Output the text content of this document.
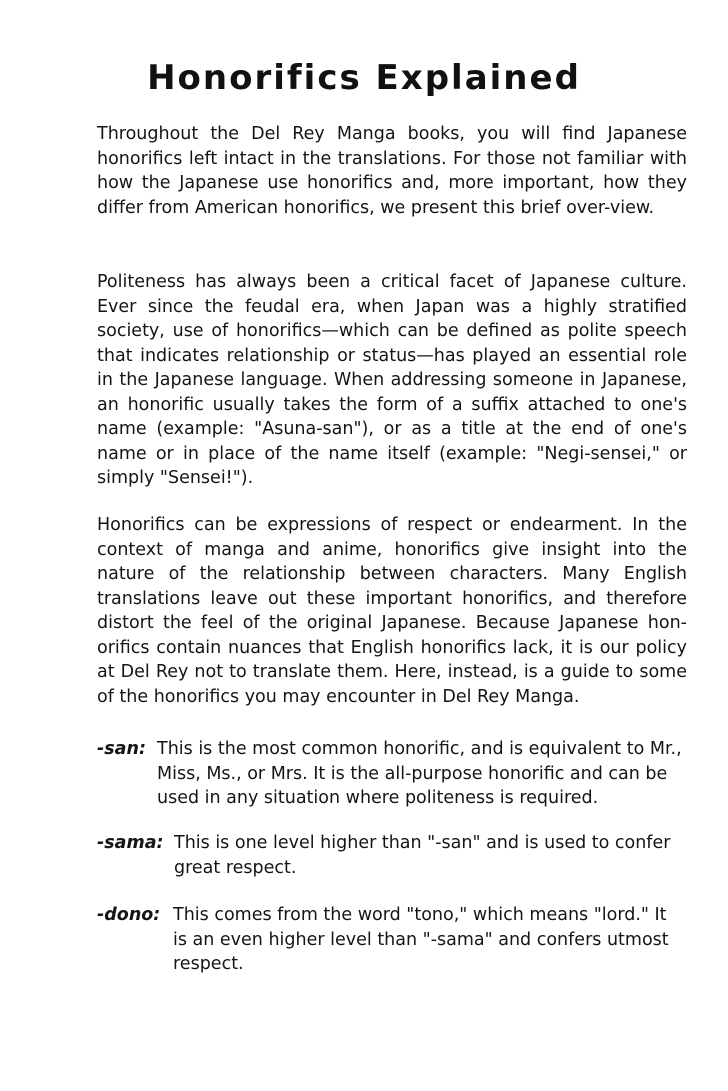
Honorifics Explained

Throughout the Del Rey Manga books, you will find Japanese honorifics left intact in the translations. For those not familiar with how the Japanese use honorifics and, more important, how they differ from American honorifics, we present this brief over-view.

Politeness has always been a critical facet of Japanese culture. Ever since the feudal era, when Japan was a highly stratified society, use of honorifics—which can be defined as polite speech that indicates relationship or status—has played an essential role in the Japanese language. When addressing someone in Japanese, an honorific usually takes the form of a suffix attached to one's name (example: "Asuna-san"), or as a title at the end of one's name or in place of the name itself (example: "Negi-sensei," or simply "Sensei!").

Honorifics can be expressions of respect or endearment. In the context of manga and anime, honorifics give insight into the nature of the relationship between characters. Many English translations leave out these important honorifics, and therefore distort the feel of the original Japanese. Because Japanese hon-orifics contain nuances that English honorifics lack, it is our policy at Del Rey not to translate them. Here, instead, is a guide to some of the honorifics you may encounter in Del Rey Manga.

-san: This is the most common honorific, and is equivalent to Mr., Miss, Ms., or Mrs. It is the all-purpose honorific and can be used in any situation where politeness is required.

-sama: This is one level higher than "-san" and is used to confer great respect.

-dono: This comes from the word "tono," which means "lord." It is an even higher level than "-sama" and confers utmost respect.
